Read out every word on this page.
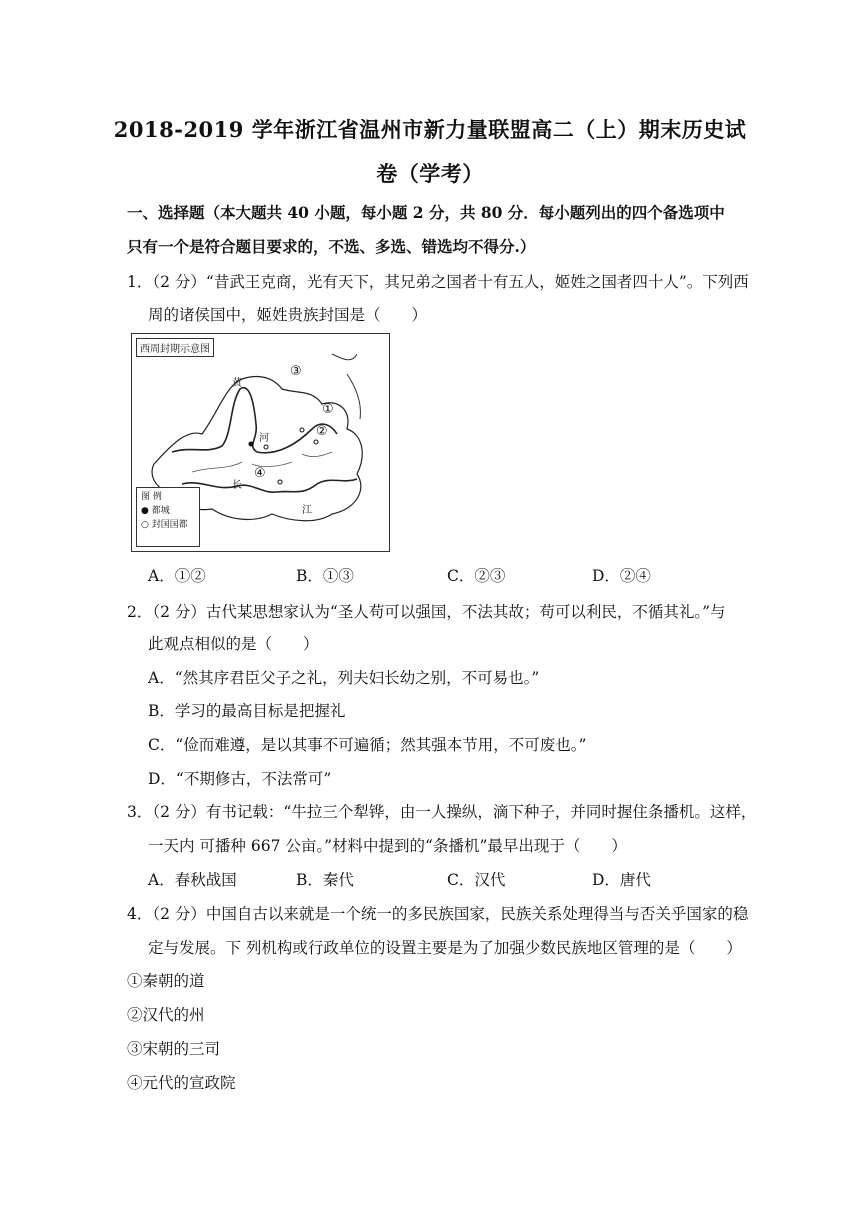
2018-2019 学年浙江省温州市新力量联盟高二（上）期末历史试
卷（学考）
一、选择题（本大题共 40 小题，每小题 2 分，共 80 分．每小题列出的四个备选项中只有一个是符合题目要求的，不选、多选、错选均不得分.）
1．（2 分）“昔武王克商，光有天下，其兄弟之国者十有五人，姬姓之国者四十人”。下列西
周的诸侯国中，姬姓贵族封国是（　　）
西周封期示意图
黄
河
长
江
③
①
②
④
图 例
● 都城
○ 封国国都
A．①②	B．①③	C．②③	D．②④
2．（2 分）古代某思想家认为“圣人苟可以强国，不法其故；苟可以利民，不循其礼。”与
此观点相似的是（　　）
A．“然其序君臣父子之礼，列夫妇长幼之别，不可易也。”
B．学习的最高目标是把握礼
C．“俭而难遵，是以其事不可遍循；然其强本节用，不可废也。”
D．“不期修古，不法常可”
3．（2 分）有书记载：“牛拉三个犁铧，由一人操纵，滴下种子，并同时握住条播机。这样，
一天内 可播种 667 公亩。”材料中提到的“条播机”最早出现于（　　）
A．春秋战国	B．秦代	C．汉代	D．唐代
4．（2 分）中国自古以来就是一个统一的多民族国家，民族关系处理得当与否关乎国家的稳
定与发展。下 列机构或行政单位的设置主要是为了加强少数民族地区管理的是（　　）
①秦朝的道
②汉代的州
③宋朝的三司
④元代的宣政院
